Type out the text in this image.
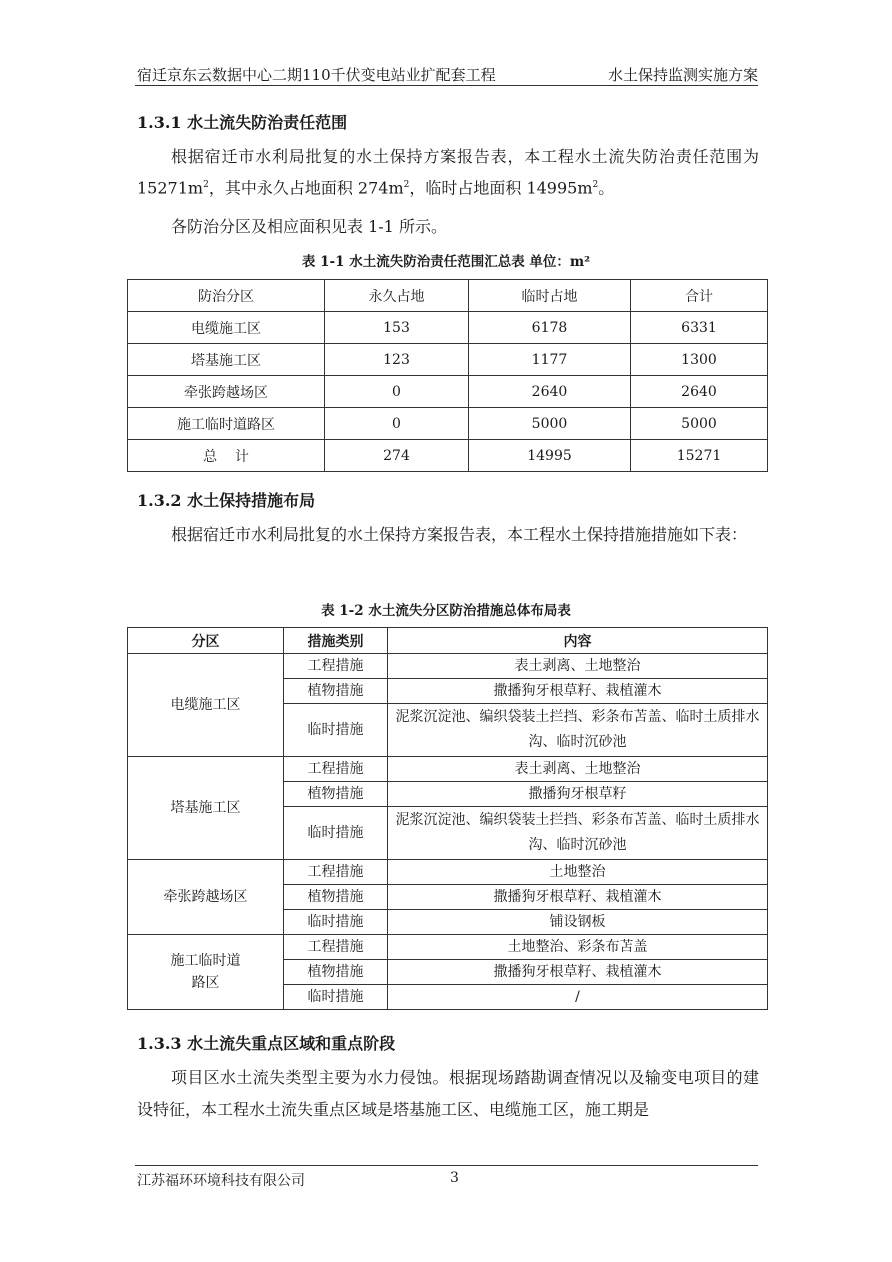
宿迁京东云数据中心二期110千伏变电站业扩配套工程	水土保持监测实施方案
1.3.1 水土流失防治责任范围
根据宿迁市水利局批复的水土保持方案报告表，本工程水土流失防治责任范围为 $15271m^2$，其中永久占地面积 $274m^2$，临时占地面积 $14995m^2$。
各防治分区及相应面积见表 1-1 所示。
表 1-1 水土流失防治责任范围汇总表 单位：m²
防治分区	永久占地	临时占地	合计
电缆施工区	153	6178	6331
塔基施工区	123	1177	1300
牵张跨越场区	0	2640	2640
施工临时道路区	0	5000	5000
总    计	274	14995	15271
1.3.2 水土保持措施布局
根据宿迁市水利局批复的水土保持方案报告表，本工程水土保持措施措施如下表：
表 1-2 水土流失分区防治措施总体布局表
分区	措施类别	内容
电缆施工区	工程措施	表土剥离、土地整治
	植物措施	撒播狗牙根草籽、栽植灌木
	临时措施	泥浆沉淀池、编织袋装土拦挡、彩条布苫盖、临时土质排水沟、临时沉砂池
塔基施工区	工程措施	表土剥离、土地整治
	植物措施	撒播狗牙根草籽
	临时措施	泥浆沉淀池、编织袋装土拦挡、彩条布苫盖、临时土质排水沟、临时沉砂池
牵张跨越场区	工程措施	土地整治
	植物措施	撒播狗牙根草籽、栽植灌木
	临时措施	铺设钢板
施工临时道路区	工程措施	土地整治、彩条布苫盖
	植物措施	撒播狗牙根草籽、栽植灌木
	临时措施	/
1.3.3 水土流失重点区域和重点阶段
项目区水土流失类型主要为水力侵蚀。根据现场踏勘调查情况以及输变电项目的建设特征，本工程水土流失重点区域是塔基施工区、电缆施工区，施工期是
江苏福环环境科技有限公司	3
